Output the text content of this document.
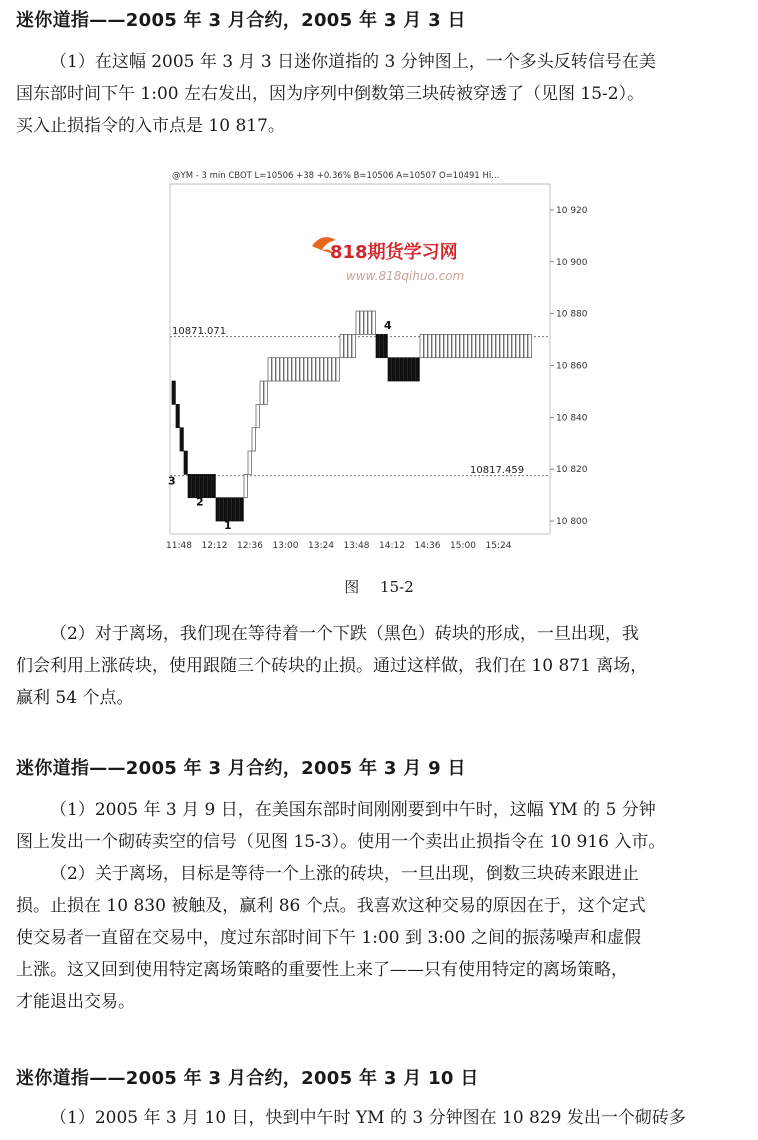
迷你道指——2005 年 3 月合约，2005 年 3 月 3 日
（1）在这幅 2005 年 3 月 3 日迷你道指的 3 分钟图上，一个多头反转信号在美
国东部时间下午 1:00 左右发出，因为序列中倒数第三块砖被穿透了（见图 15-2）。
买入止损指令的入市点是 10 817。
@YM - 3 min CBOT L=10506 +38 +0.36% B=10506 A=10507 O=10491 Hi...
818期货学习网
www.818qihuo.com
10871.071
10817.459
10 800
10 820
10 840
10 860
10 880
10 900
10 920
11:48 12:12 12:36 13:00 13:24 13:48 14:12 14:36 15:00 15:24
1
2
3
4
图 15-2
（2）对于离场，我们现在等待着一个下跌（黑色）砖块的形成，一旦出现，我
们会利用上涨砖块，使用跟随三个砖块的止损。通过这样做，我们在 10 871 离场，
赢利 54 个点。
迷你道指——2005 年 3 月合约，2005 年 3 月 9 日
（1）2005 年 3 月 9 日，在美国东部时间刚刚要到中午时，这幅 YM 的 5 分钟
图上发出一个砌砖卖空的信号（见图 15-3）。使用一个卖出止损指令在 10 916 入市。
（2）关于离场，目标是等待一个上涨的砖块，一旦出现，倒数三块砖来跟进止
损。止损在 10 830 被触及，赢利 86 个点。我喜欢这种交易的原因在于，这个定式
使交易者一直留在交易中，度过东部时间下午 1:00 到 3:00 之间的振荡噪声和虚假
上涨。这又回到使用特定离场策略的重要性上来了——只有使用特定的离场策略，
才能退出交易。
迷你道指——2005 年 3 月合约，2005 年 3 月 10 日
（1）2005 年 3 月 10 日，快到中午时 YM 的 3 分钟图在 10 829 发出一个砌砖多
